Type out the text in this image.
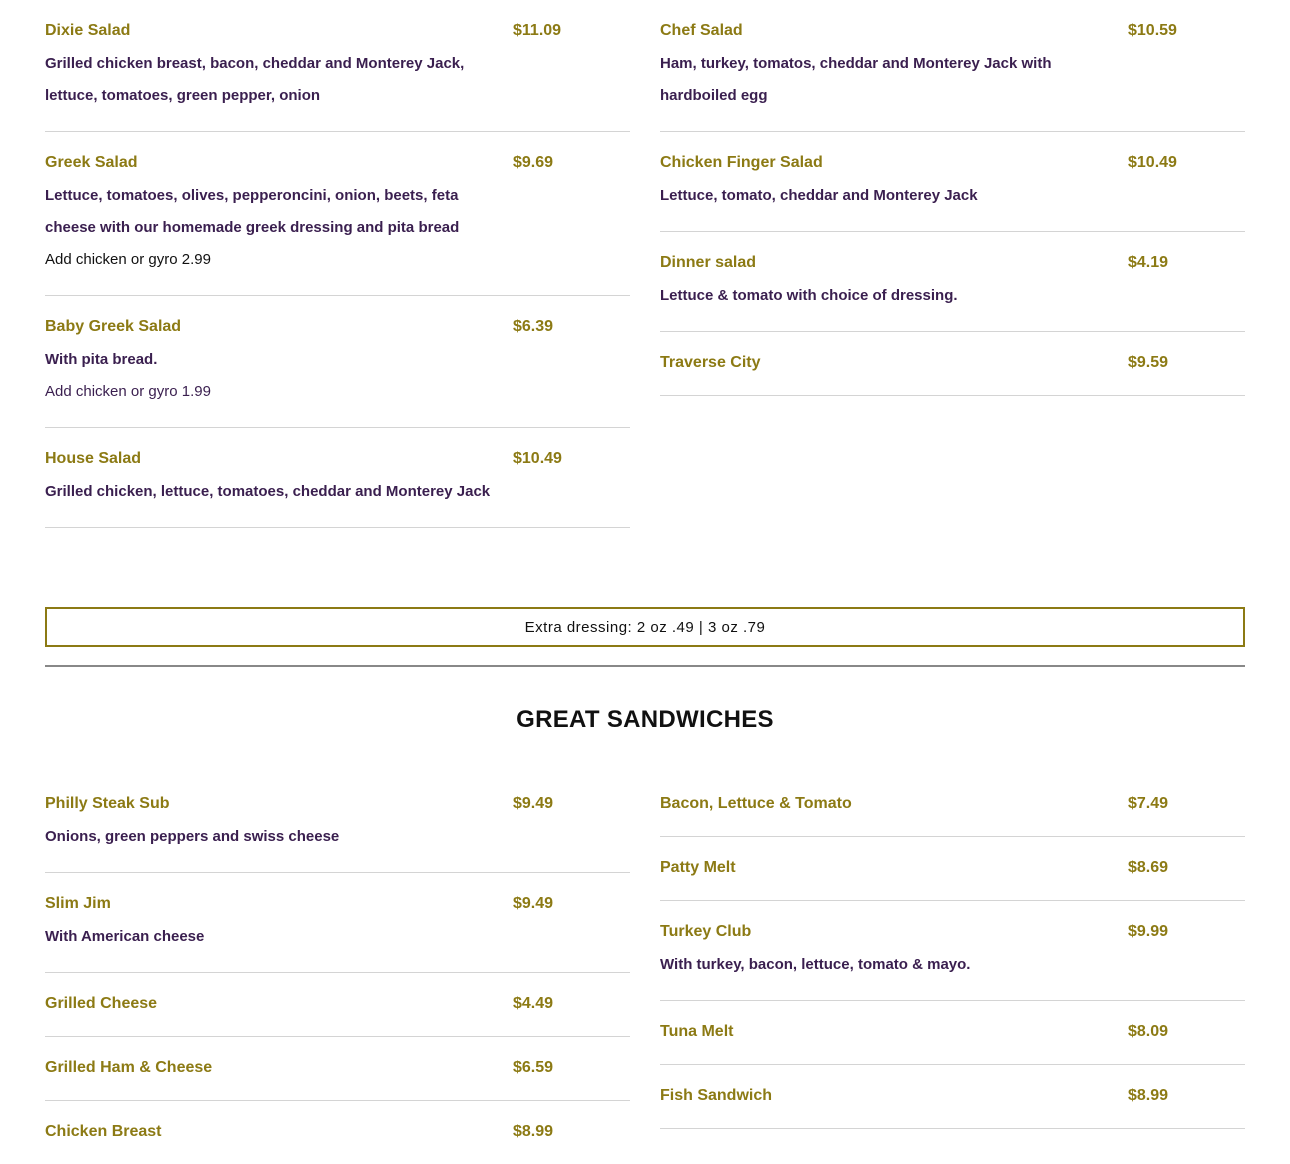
Dixie Salad	$11.09
Grilled chicken breast, bacon, cheddar and Monterey Jack, lettuce, tomatoes, green pepper, onion
Greek Salad	$9.69
Lettuce, tomatoes, olives, pepperoncini, onion, beets, feta cheese with our homemade greek dressing and pita bread
Add chicken or gyro 2.99
Baby Greek Salad	$6.39
With pita bread.
Add chicken or gyro 1.99
House Salad	$10.49
Grilled chicken, lettuce, tomatoes, cheddar and Monterey Jack
Chef Salad	$10.59
Ham, turkey, tomatos, cheddar and Monterey Jack with hardboiled egg
Chicken Finger Salad	$10.49
Lettuce, tomato, cheddar and Monterey Jack
Dinner salad	$4.19
Lettuce & tomato with choice of dressing.
Traverse City	$9.59
Extra dressing: 2 oz .49 | 3 oz .79
GREAT SANDWICHES
Philly Steak Sub	$9.49
Onions, green peppers and swiss cheese
Slim Jim	$9.49
With American cheese
Grilled Cheese	$4.49
Grilled Ham & Cheese	$6.59
Chicken Breast	$8.99
Bacon, Lettuce & Tomato	$7.49
Patty Melt	$8.69
Turkey Club	$9.99
With turkey, bacon, lettuce, tomato & mayo.
Tuna Melt	$8.09
Fish Sandwich	$8.99
